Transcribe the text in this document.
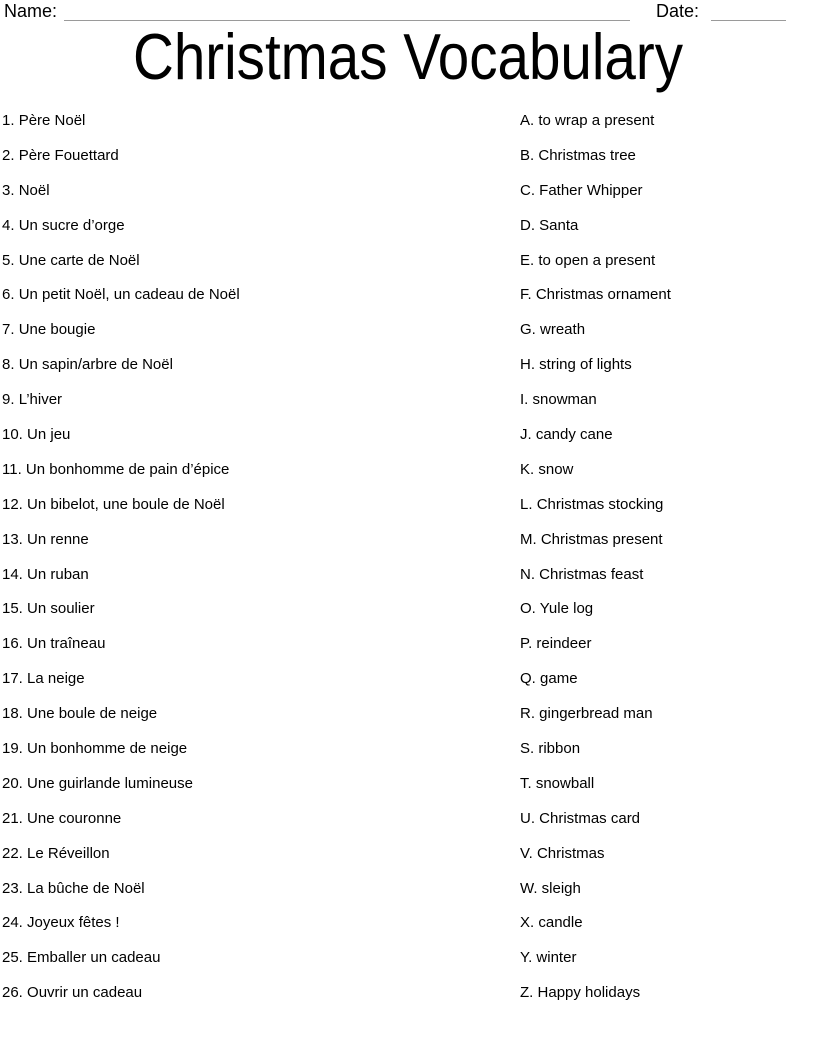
Name:	Date:
Christmas Vocabulary
1. Père Noël
2. Père Fouettard
3. Noël
4. Un sucre d’orge
5. Une carte de Noël
6. Un petit Noël, un cadeau de Noël
7. Une bougie
8. Un sapin/arbre de Noël
9. L’hiver
10. Un jeu
11. Un bonhomme de pain d’épice
12. Un bibelot, une boule de Noël
13. Un renne
14. Un ruban
15. Un soulier
16. Un traîneau
17. La neige
18. Une boule de neige
19. Un bonhomme de neige
20. Une guirlande lumineuse
21. Une couronne
22. Le Réveillon
23. La bûche de Noël
24. Joyeux fêtes !
25. Emballer un cadeau
26. Ouvrir un cadeau
A. to wrap a present
B. Christmas tree
C. Father Whipper
D. Santa
E. to open a present
F. Christmas ornament
G. wreath
H. string of lights
I. snowman
J. candy cane
K. snow
L. Christmas stocking
M. Christmas present
N. Christmas feast
O. Yule log
P. reindeer
Q. game
R. gingerbread man
S. ribbon
T. snowball
U. Christmas card
V. Christmas
W. sleigh
X. candle
Y. winter
Z. Happy holidays
